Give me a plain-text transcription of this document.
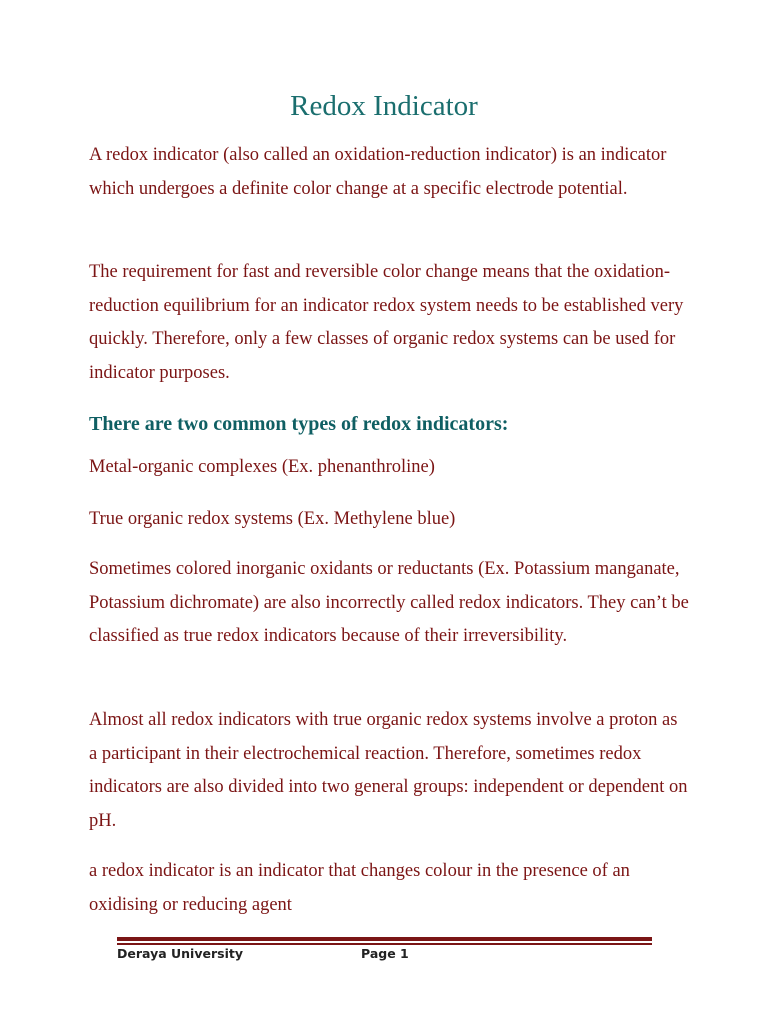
Redox Indicator

A redox indicator (also called an oxidation-reduction indicator) is an indicator which undergoes a definite color change at a specific electrode potential.

The requirement for fast and reversible color change means that the oxidation-reduction equilibrium for an indicator redox system needs to be established very quickly. Therefore, only a few classes of organic redox systems can be used for indicator purposes.

There are two common types of redox indicators:

Metal-organic complexes (Ex. phenanthroline)

True organic redox systems (Ex. Methylene blue)

Sometimes colored inorganic oxidants or reductants (Ex. Potassium manganate, Potassium dichromate) are also incorrectly called redox indicators. They can’t be classified as true redox indicators because of their irreversibility.

Almost all redox indicators with true organic redox systems involve a proton as a participant in their electrochemical reaction. Therefore, sometimes redox indicators are also divided into two general groups: independent or dependent on pH.

a redox indicator is an indicator that changes colour in the presence of an oxidising or reducing agent

Deraya University	Page 1
